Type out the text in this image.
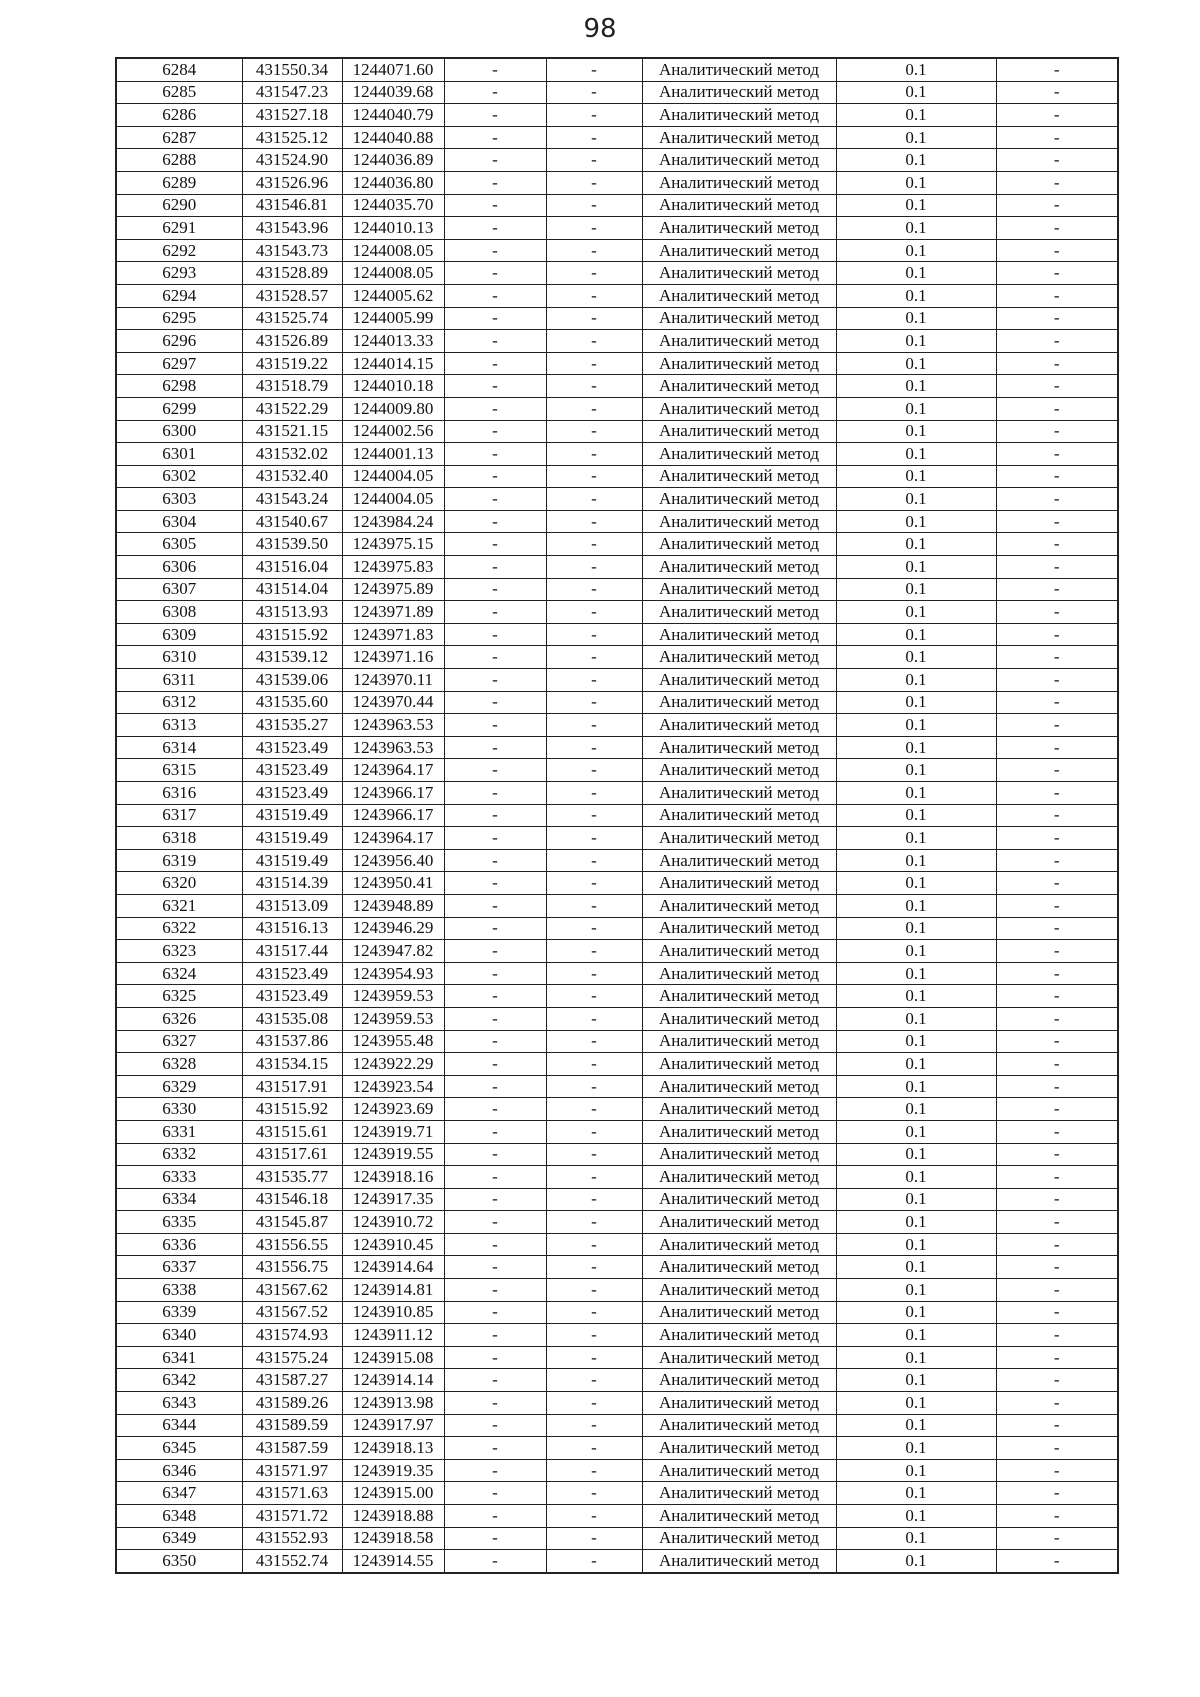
98
6284	431550.34	1244071.60	-	-	Аналитический метод	0.1	-
6285	431547.23	1244039.68	-	-	Аналитический метод	0.1	-
6286	431527.18	1244040.79	-	-	Аналитический метод	0.1	-
6287	431525.12	1244040.88	-	-	Аналитический метод	0.1	-
6288	431524.90	1244036.89	-	-	Аналитический метод	0.1	-
6289	431526.96	1244036.80	-	-	Аналитический метод	0.1	-
6290	431546.81	1244035.70	-	-	Аналитический метод	0.1	-
6291	431543.96	1244010.13	-	-	Аналитический метод	0.1	-
6292	431543.73	1244008.05	-	-	Аналитический метод	0.1	-
6293	431528.89	1244008.05	-	-	Аналитический метод	0.1	-
6294	431528.57	1244005.62	-	-	Аналитический метод	0.1	-
6295	431525.74	1244005.99	-	-	Аналитический метод	0.1	-
6296	431526.89	1244013.33	-	-	Аналитический метод	0.1	-
6297	431519.22	1244014.15	-	-	Аналитический метод	0.1	-
6298	431518.79	1244010.18	-	-	Аналитический метод	0.1	-
6299	431522.29	1244009.80	-	-	Аналитический метод	0.1	-
6300	431521.15	1244002.56	-	-	Аналитический метод	0.1	-
6301	431532.02	1244001.13	-	-	Аналитический метод	0.1	-
6302	431532.40	1244004.05	-	-	Аналитический метод	0.1	-
6303	431543.24	1244004.05	-	-	Аналитический метод	0.1	-
6304	431540.67	1243984.24	-	-	Аналитический метод	0.1	-
6305	431539.50	1243975.15	-	-	Аналитический метод	0.1	-
6306	431516.04	1243975.83	-	-	Аналитический метод	0.1	-
6307	431514.04	1243975.89	-	-	Аналитический метод	0.1	-
6308	431513.93	1243971.89	-	-	Аналитический метод	0.1	-
6309	431515.92	1243971.83	-	-	Аналитический метод	0.1	-
6310	431539.12	1243971.16	-	-	Аналитический метод	0.1	-
6311	431539.06	1243970.11	-	-	Аналитический метод	0.1	-
6312	431535.60	1243970.44	-	-	Аналитический метод	0.1	-
6313	431535.27	1243963.53	-	-	Аналитический метод	0.1	-
6314	431523.49	1243963.53	-	-	Аналитический метод	0.1	-
6315	431523.49	1243964.17	-	-	Аналитический метод	0.1	-
6316	431523.49	1243966.17	-	-	Аналитический метод	0.1	-
6317	431519.49	1243966.17	-	-	Аналитический метод	0.1	-
6318	431519.49	1243964.17	-	-	Аналитический метод	0.1	-
6319	431519.49	1243956.40	-	-	Аналитический метод	0.1	-
6320	431514.39	1243950.41	-	-	Аналитический метод	0.1	-
6321	431513.09	1243948.89	-	-	Аналитический метод	0.1	-
6322	431516.13	1243946.29	-	-	Аналитический метод	0.1	-
6323	431517.44	1243947.82	-	-	Аналитический метод	0.1	-
6324	431523.49	1243954.93	-	-	Аналитический метод	0.1	-
6325	431523.49	1243959.53	-	-	Аналитический метод	0.1	-
6326	431535.08	1243959.53	-	-	Аналитический метод	0.1	-
6327	431537.86	1243955.48	-	-	Аналитический метод	0.1	-
6328	431534.15	1243922.29	-	-	Аналитический метод	0.1	-
6329	431517.91	1243923.54	-	-	Аналитический метод	0.1	-
6330	431515.92	1243923.69	-	-	Аналитический метод	0.1	-
6331	431515.61	1243919.71	-	-	Аналитический метод	0.1	-
6332	431517.61	1243919.55	-	-	Аналитический метод	0.1	-
6333	431535.77	1243918.16	-	-	Аналитический метод	0.1	-
6334	431546.18	1243917.35	-	-	Аналитический метод	0.1	-
6335	431545.87	1243910.72	-	-	Аналитический метод	0.1	-
6336	431556.55	1243910.45	-	-	Аналитический метод	0.1	-
6337	431556.75	1243914.64	-	-	Аналитический метод	0.1	-
6338	431567.62	1243914.81	-	-	Аналитический метод	0.1	-
6339	431567.52	1243910.85	-	-	Аналитический метод	0.1	-
6340	431574.93	1243911.12	-	-	Аналитический метод	0.1	-
6341	431575.24	1243915.08	-	-	Аналитический метод	0.1	-
6342	431587.27	1243914.14	-	-	Аналитический метод	0.1	-
6343	431589.26	1243913.98	-	-	Аналитический метод	0.1	-
6344	431589.59	1243917.97	-	-	Аналитический метод	0.1	-
6345	431587.59	1243918.13	-	-	Аналитический метод	0.1	-
6346	431571.97	1243919.35	-	-	Аналитический метод	0.1	-
6347	431571.63	1243915.00	-	-	Аналитический метод	0.1	-
6348	431571.72	1243918.88	-	-	Аналитический метод	0.1	-
6349	431552.93	1243918.58	-	-	Аналитический метод	0.1	-
6350	431552.74	1243914.55	-	-	Аналитический метод	0.1	-
